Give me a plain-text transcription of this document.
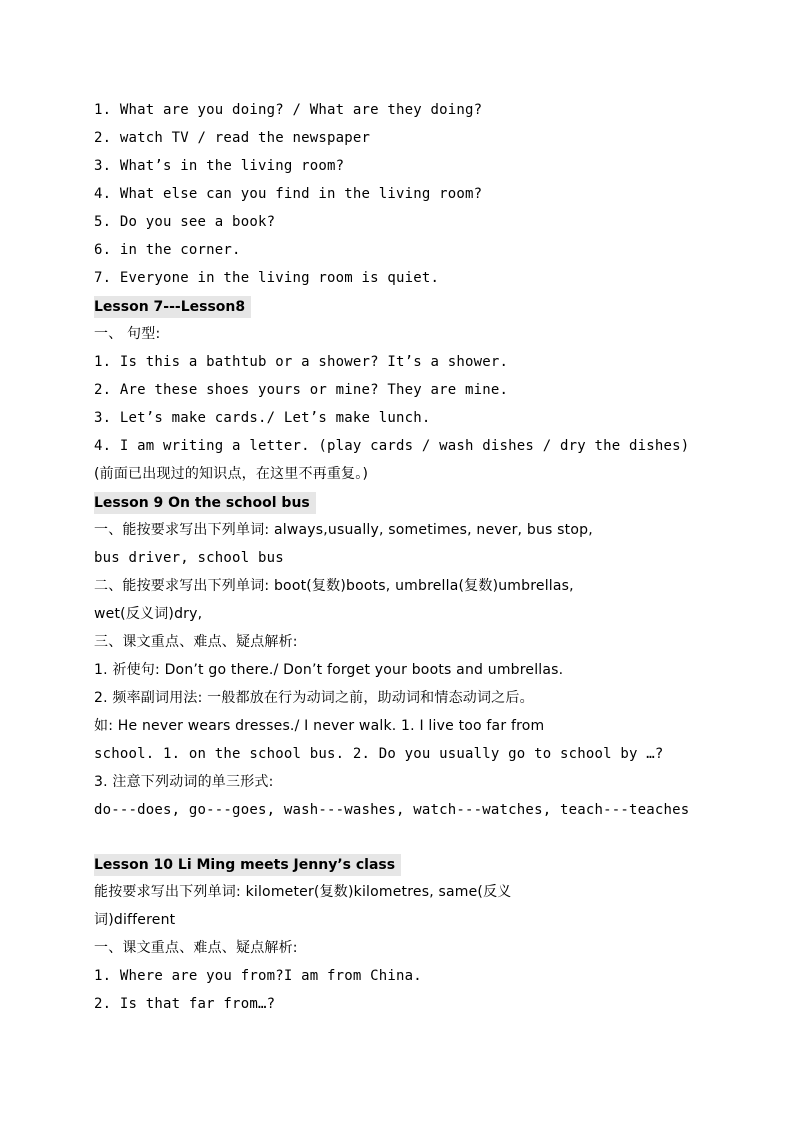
1. What are you doing? / What are they doing?
2. watch TV / read the newspaper
3. What’s in the living room?
4. What else can you find in the living room?
5. Do you see a book?
6. in the corner.
7. Everyone in the living room is quiet.
Lesson 7---Lesson8
一、 句型:
1. Is this a bathtub or a shower? It’s a shower.
2. Are these shoes yours or mine? They are mine.
3. Let’s make cards./ Let’s make lunch.
4. I am writing a letter. (play cards / wash dishes / dry the dishes)
(前面已出现过的知识点，在这里不再重复。)
Lesson 9 On the school bus
一、能按要求写出下列单词: always,usually, sometimes, never, bus stop,
bus driver, school bus
二、能按要求写出下列单词: boot(复数)boots, umbrella(复数)umbrellas,
wet(反义词)dry,
三、课文重点、难点、疑点解析:
1. 祈使句: Don’t go there./ Don’t forget your boots and umbrellas.
2. 频率副词用法: 一般都放在行为动词之前，助动词和情态动词之后。
如: He never wears dresses./ I never walk. 1. I live too far from
school. 1. on the school bus. 2. Do you usually go to school by …?
3. 注意下列动词的单三形式:
do---does, go---goes, wash---washes, watch---watches, teach---teaches
Lesson 10 Li Ming meets Jenny’s class
能按要求写出下列单词: kilometer(复数)kilometres, same(反义
词)different
一、课文重点、难点、疑点解析:
1. Where are you from?I am from China.
2. Is that far from…?
